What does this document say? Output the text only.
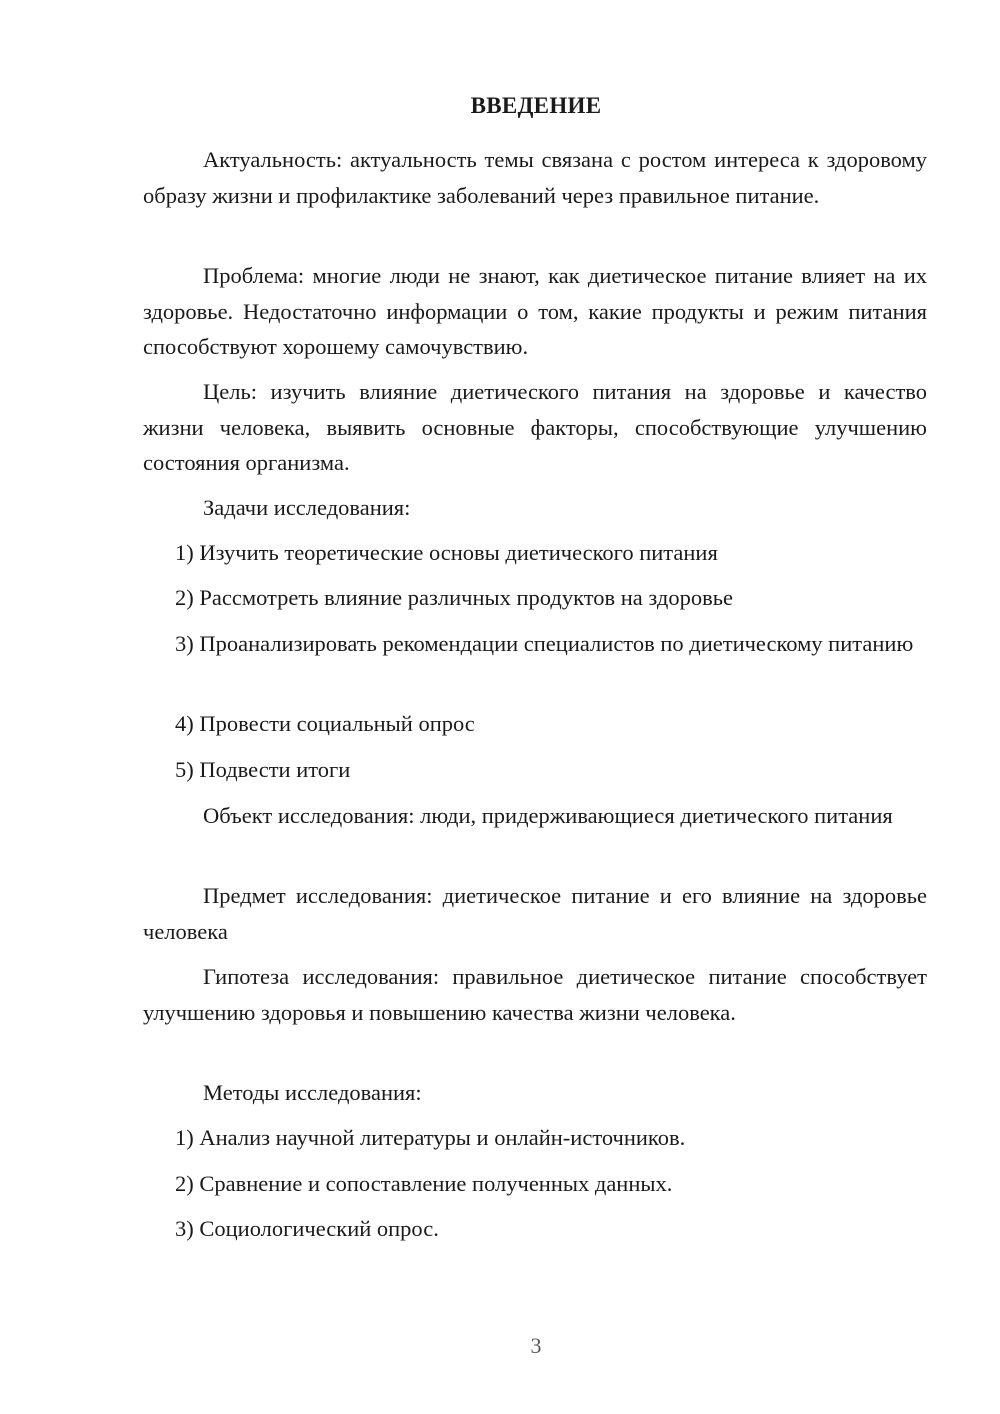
ВВЕДЕНИЕ

Актуальность: актуальность темы связана с ростом интереса к здоровому образу жизни и профилактике заболеваний через правильное питание.

Проблема: многие люди не знают, как диетическое питание влияет на их здоровье. Недостаточно информации о том, какие продукты и режим питания способствуют хорошему самочувствию.

Цель: изучить влияние диетического питания на здоровье и качество жизни человека, выявить основные факторы, способствующие улучшению состояния организма.

Задачи исследования:

1) Изучить теоретические основы диетического питания

2) Рассмотреть влияние различных продуктов на здоровье

3) Проанализировать рекомендации специалистов по диетическому питанию

4) Провести социальный опрос

5) Подвести итоги

Объект исследования: люди, придерживающиеся диетического питания

Предмет исследования: диетическое питание и его влияние на здоровье человека

Гипотеза исследования: правильное диетическое питание способствует улучшению здоровья и повышению качества жизни человека.

Методы исследования:

1) Анализ научной литературы и онлайн-источников.

2) Сравнение и сопоставление полученных данных.

3) Социологический опрос.

3
